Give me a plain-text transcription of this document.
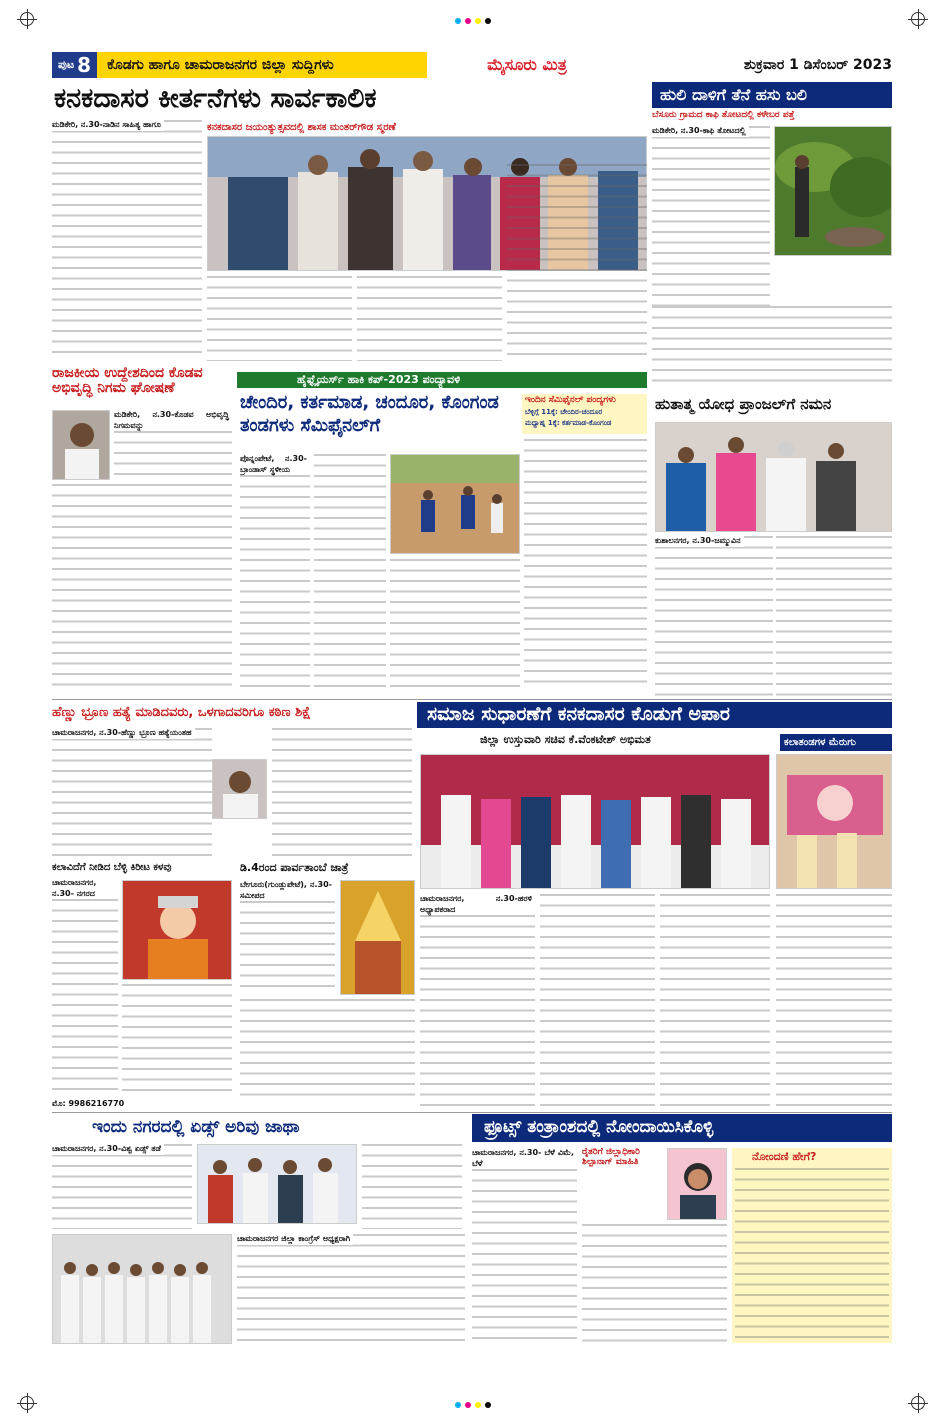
ಪುಟ 8	ಕೊಡಗು ಹಾಗೂ ಚಾಮರಾಜನಗರ ಜಿಲ್ಲಾ ಸುದ್ದಿಗಳು	ಮೈಸೂರು ಮಿತ್ರ	ಶುಕ್ರವಾರ 1 ಡಿಸೆಂಬರ್ 2023
ಕನಕದಾಸರ ಕೀರ್ತನೆಗಳು ಸಾರ್ವಕಾಲಿಕ
ಕನಕದಾಸರ ಜಯಂತ್ಯುತ್ಸವದಲ್ಲಿ ಶಾಸಕ ಮಂತರ್‌ಗೌಡ ಸ್ಮರಣೆ
ಮಡಿಕೇರಿ, ನ.30-ನಾಡಿನ ಸಾಹಿತ್ಯ ಹಾಗೂ
ಹುಲಿ ದಾಳಿಗೆ ತೆನೆ ಹಸು ಬಲಿ
ಬೆಸೂರು ಗ್ರಾಮದ ಕಾಫಿ ತೋಟದಲ್ಲಿ ಕಳೇಬರ ಪತ್ತೆ
ಮಡಿಕೇರಿ, ನ.30-ಕಾಫಿ ತೋಟದಲ್ಲಿ
ರಾಜಕೀಯ ಉದ್ದೇಶದಿಂದ ಕೊಡವ ಅಭಿವೃದ್ಧಿ ನಿಗಮ ಘೋಷಣೆ
ಮಡಿಕೇರಿ, ನ.30-ಕೊಡವ ಅಭಿವೃದ್ಧಿ ನಿಗಮವನ್ನು
ಹೈಫ್ಲೈಯರ್ಸ್ ಹಾಕಿ ಕಪ್-2023 ಪಂದ್ಯಾವಳಿ
ಚೇಂದಿರ, ಕರ್ತಮಾಡ, ಚಂದೂರ, ಕೊಂಗಂಡ ತಂಡಗಳು ಸೆಮಿಫೈನಲ್‌ಗೆ
ಇಂದಿನ ಸೆಮಿಫೈನಲ್ ಪಂದ್ಯಗಳು
ಬೆಳ್ಳಿಗ್ಗೆ 11ಕ್ಕೆ: ಚೇಂದಿರ-ಚಂದೂರ
ಮಧ್ಯಾಹ್ನ 1ಕ್ಕೆ: ಕರ್ತಮಾಡ-ಕೊಂಗಂಡ
ಪೊನ್ನಂಪೇಟೆ, ನ.30-ಬ್ರಾಂಡಾಸ್ ಸ್ಥಳೀಯ
ಹುತಾತ್ಮ ಯೋಧ ಪ್ರಾಂಜಲ್‌ಗೆ ನಮನ
ಕುಶಾಲನಗರ, ನ.30-ಜಮ್ಮುವಿನ
ಹೆಣ್ಣು ಭ್ರೂಣ ಹತ್ಯೆ ಮಾಡಿದವರು, ಒಳಗಾದವರಿಗೂ ಕಠಿಣ ಶಿಕ್ಷೆ
ಚಾಮರಾಜನಗರ, ನ.30-ಹೆಣ್ಣು ಭ್ರೂಣ ಹತ್ಯೆಯಂತಹ
ಸಮಾಜ ಸುಧಾರಣೆಗೆ ಕನಕದಾಸರ ಕೊಡುಗೆ ಅಪಾರ
ಜಿಲ್ಲಾ ಉಸ್ತುವಾರಿ ಸಚಿವ ಕೆ.ವೆಂಕಟೇಶ್ ಅಭಿಮತ	ಕಲಾತಂಡಗಳ ಮೆರುಗು
ಚಾಮರಾಜನಗರ, ನ.30-ಹರಳಿ ಅಧ್ಯಾಪಕರಾದ
ಕಲಾವಿದೆಗೆ ನೀಡಿದ ಬೆಳ್ಳಿ ಕಿರೀಟ ಕಳವು
ಚಾಮರಾಜನಗರ, ನ.30- ನಗರದ
ಮೊ: 9986216770
ಡಿ.4ರಂದ ಪಾರ್ವತಾಂಬೆ ಜಾತ್ರೆ
ಬೇಗೂರು(ಗುಂಡ್ಲುಪೇಟೆ), ನ.30-ಸಮೀಪದ
ಇಂದು ನಗರದಲ್ಲಿ ಏಡ್ಸ್ ಅರಿವು ಜಾಥಾ
ಚಾಮರಾಜನಗರ, ನ.30-ವಿಶ್ವ ಏಡ್ಸ್ ತಡೆ
ಚಾಮರಾಜನಗರ ಜಿಲ್ಲಾ ಕಾಂಗ್ರೆಸ್ ಅಧ್ಯಕ್ಷರಾಗಿ
ಫ್ರೂಟ್ಸ್ ತಂತ್ರಾಂಶದಲ್ಲಿ ನೋಂದಾಯಿಸಿಕೊಳ್ಳಿ
ಚಾಮರಾಜನಗರ, ನ.30- ಬೆಳೆ ವಿಮೆ, ಬೆಳೆ
ರೈತರಿಗೆ ಜಿಲ್ಲಾಧಿಕಾರಿ ಶಿಲ್ಪಾನಾಗ್ ಮಾಹಿತಿ	ನೋಂದಣಿ ಹೇಗೆ?
